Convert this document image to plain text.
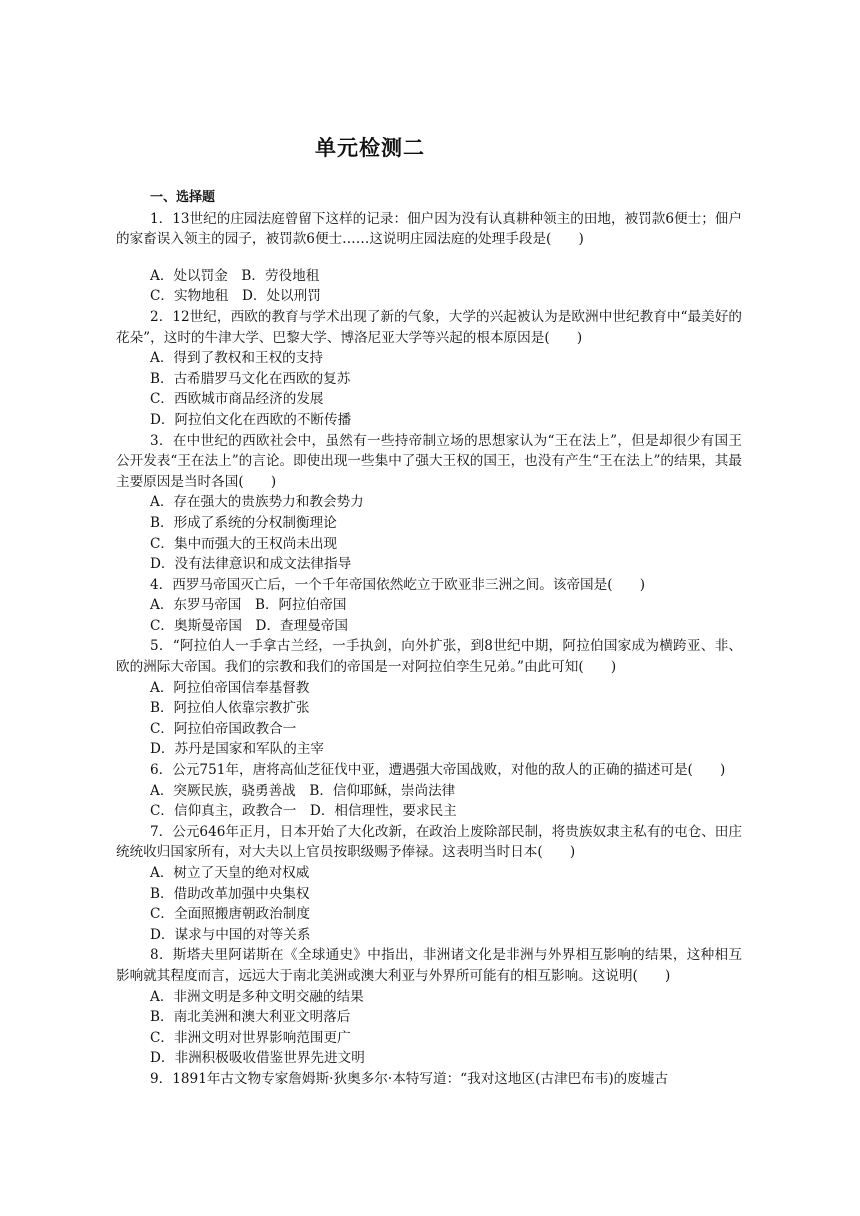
单元检测二
一、选择题
1．13世纪的庄园法庭曾留下这样的记录：佃户因为没有认真耕种领主的田地，被罚款6便士；佃户的家畜误入领主的园子，被罚款6便士……这说明庄园法庭的处理手段是(　　)
A．处以罚金　B．劳役地租
C．实物地租　D．处以刑罚
2．12世纪，西欧的教育与学术出现了新的气象，大学的兴起被认为是欧洲中世纪教育中“最美好的花朵”，这时的牛津大学、巴黎大学、博洛尼亚大学等兴起的根本原因是(　　)
A．得到了教权和王权的支持
B．古希腊罗马文化在西欧的复苏
C．西欧城市商品经济的发展
D．阿拉伯文化在西欧的不断传播
3．在中世纪的西欧社会中，虽然有一些持帝制立场的思想家认为“王在法上”，但是却很少有国王公开发表“王在法上”的言论。即使出现一些集中了强大王权的国王，也没有产生“王在法上”的结果，其最主要原因是当时各国(　　)
A．存在强大的贵族势力和教会势力
B．形成了系统的分权制衡理论
C．集中而强大的王权尚未出现
D．没有法律意识和成文法律指导
4．西罗马帝国灭亡后，一个千年帝国依然屹立于欧亚非三洲之间。该帝国是(　　)
A．东罗马帝国　B．阿拉伯帝国
C．奥斯曼帝国　D．查理曼帝国
5．“阿拉伯人一手拿古兰经，一手执剑，向外扩张，到8世纪中期，阿拉伯国家成为横跨亚、非、欧的洲际大帝国。我们的宗教和我们的帝国是一对阿拉伯孪生兄弟。”由此可知(　　)
A．阿拉伯帝国信奉基督教
B．阿拉伯人依靠宗教扩张
C．阿拉伯帝国政教合一
D．苏丹是国家和军队的主宰
6．公元751年，唐将高仙芝征伐中亚，遭遇强大帝国战败，对他的敌人的正确的描述可是(　　)
A．突厥民族，骁勇善战　B．信仰耶稣，崇尚法律
C．信仰真主，政教合一　D．相信理性，要求民主
7．公元646年正月，日本开始了大化改新，在政治上废除部民制，将贵族奴隶主私有的屯仓、田庄统统收归国家所有，对大夫以上官员按职级赐予俸禄。这表明当时日本(　　)
A．树立了天皇的绝对权威
B．借助改革加强中央集权
C．全面照搬唐朝政治制度
D．谋求与中国的对等关系
8．斯塔夫里阿诺斯在《全球通史》中指出，非洲诸文化是非洲与外界相互影响的结果，这种相互影响就其程度而言，远远大于南北美洲或澳大利亚与外界所可能有的相互影响。这说明(　　)
A．非洲文明是多种文明交融的结果
B．南北美洲和澳大利亚文明落后
C．非洲文明对世界影响范围更广
D．非洲积极吸收借鉴世界先进文明
9．1891年古文物专家詹姆斯·狄奥多尔·本特写道：“我对这地区(古津巴布韦)的废墟古
